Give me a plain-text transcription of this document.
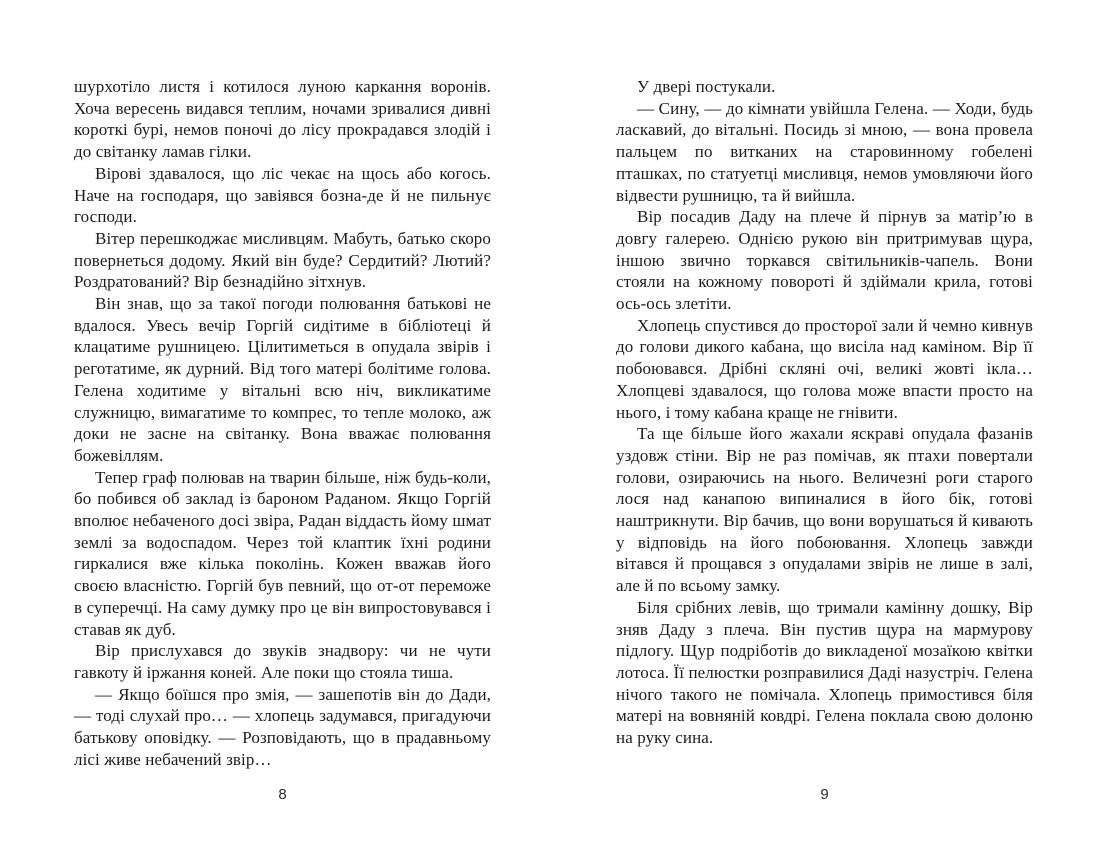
шурхотіло листя і котилося луною каркання воронів. Хоча вересень видався теплим, ночами зривалися дивні короткі бурі, немов поночі до лісу прокрадався злодій і до світанку ламав гілки.

Вірові здавалося, що ліс чекає на щось або когось. Наче на господаря, що завіявся бозна-де й не пильнує господи.

Вітер перешкоджає мисливцям. Мабуть, батько скоро повернеться додому. Який він буде? Сердитий? Лютий? Роздратований? Вір безнадійно зітхнув.

Він знав, що за такої погоди полювання батькові не вдалося. Увесь вечір Горгій сидітиме в бібліотеці й клацатиме рушницею. Цілитиметься в опудала звірів і реготатиме, як дурний. Від того матері болітиме голова. Гелена ходитиме у вітальні всю ніч, викликатиме служницю, вимагатиме то компрес, то тепле молоко, аж доки не засне на світанку. Вона вважає полювання божевіллям.

Тепер граф полював на тварин більше, ніж будь-коли, бо побився об заклад із бароном Раданом. Якщо Горгій вполює небаченого досі звіра, Радан віддасть йому шмат землі за водоспадом. Через той клаптик їхні родини гиркалися вже кілька поколінь. Кожен вважав його своєю власністю. Горгій був певний, що от-от переможе в суперечці. На саму думку про це він випростовувався і ставав як дуб.

Вір прислухався до звуків знадвору: чи не чути гавкоту й іржання коней. Але поки що стояла тиша.

— Якщо боїшся про змія, — зашепотів він до Дади, — тоді слухай про… — хлопець задумався, пригадуючи батькову оповідку. — Розповідають, що в прадавньому лісі живе небачений звір…

У двері постукали.

— Сину, — до кімнати увійшла Гелена. — Ходи, будь ласкавий, до вітальні. Посидь зі мною, — вона провела пальцем по витканих на старовинному гобелені пташках, по статуетці мисливця, немов умовляючи його відвести рушницю, та й вийшла.

Вір посадив Даду на плече й пірнув за матір’ю в довгу галерею. Однією рукою він притримував щура, іншою звично торкався світильників-чапель. Вони стояли на кожному повороті й здіймали крила, готові ось-ось злетіти.

Хлопець спустився до просторої зали й чемно кивнув до голови дикого кабана, що висіла над каміном. Вір її побоювався. Дрібні скляні очі, великі жовті ікла… Хлопцеві здавалося, що голова може впасти просто на нього, і тому кабана краще не гнівити.

Та ще більше його жахали яскраві опудала фазанів уздовж стіни. Вір не раз помічав, як птахи повертали голови, озираючись на нього. Величезні роги старого лося над канапою випиналися в його бік, готові наштрикнути. Вір бачив, що вони ворушаться й кивають у відповідь на його побоювання. Хлопець завжди вітався й прощався з опудалами звірів не лише в залі, але й по всьому замку.

Біля срібних левів, що тримали камінну дошку, Вір зняв Даду з плеча. Він пустив щура на мармурову підлогу. Щур подріботів до викладеної мозаїкою квітки лотоса. Її пелюстки розправилися Даді назустріч. Гелена нічого такого не помічала. Хлопець примостився біля матері на вовняній ковдрі. Гелена поклала свою долоню на руку сина.

8	9
